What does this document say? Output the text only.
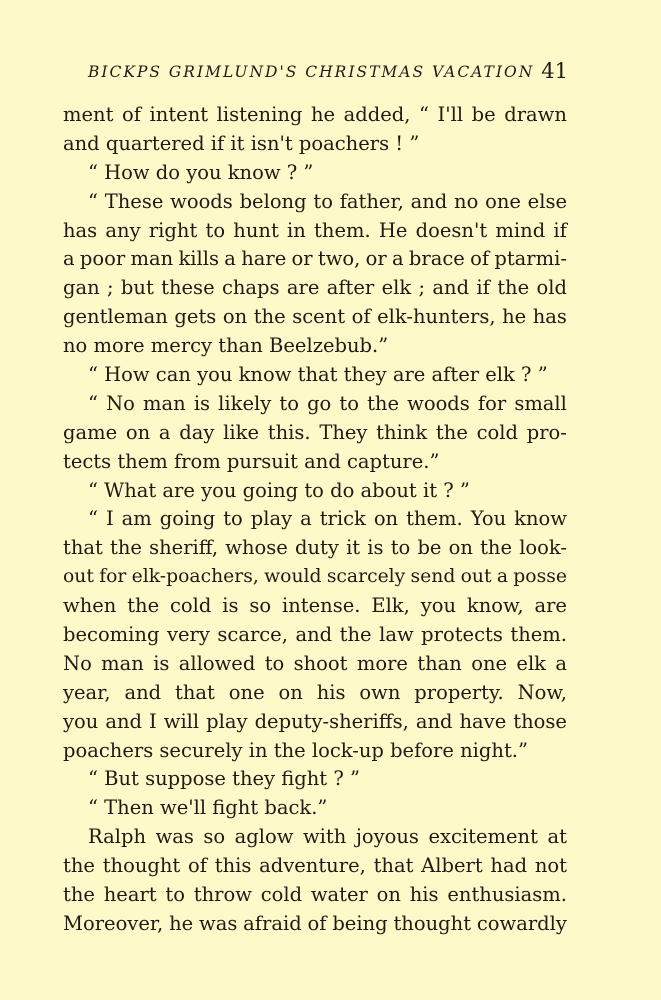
BICKPS GRIMLUND'S CHRISTMAS VACATION 41
ment of intent listening he added, “ I'll be drawn
and quartered if it isn't poachers ! ”
“ How do you know ? ”
“ These woods belong to father, and no one else
has any right to hunt in them. He doesn't mind if
a poor man kills a hare or two, or a brace of ptarmi-
gan ; but these chaps are after elk ; and if the old
gentleman gets on the scent of elk-hunters, he has
no more mercy than Beelzebub.”
“ How can you know that they are after elk ? ”
“ No man is likely to go to the woods for small
game on a day like this. They think the cold pro-
tects them from pursuit and capture.”
“ What are you going to do about it ? ”
“ I am going to play a trick on them. You know
that the sheriff, whose duty it is to be on the look-
out for elk-poachers, would scarcely send out a posse
when the cold is so intense. Elk, you know, are
becoming very scarce, and the law protects them.
No man is allowed to shoot more than one elk a
year, and that one on his own property. Now,
you and I will play deputy-sheriffs, and have those
poachers securely in the lock-up before night.”
“ But suppose they fight ? ”
“ Then we'll fight back.”
Ralph was so aglow with joyous excitement at
the thought of this adventure, that Albert had not
the heart to throw cold water on his enthusiasm.
Moreover, he was afraid of being thought cowardly
